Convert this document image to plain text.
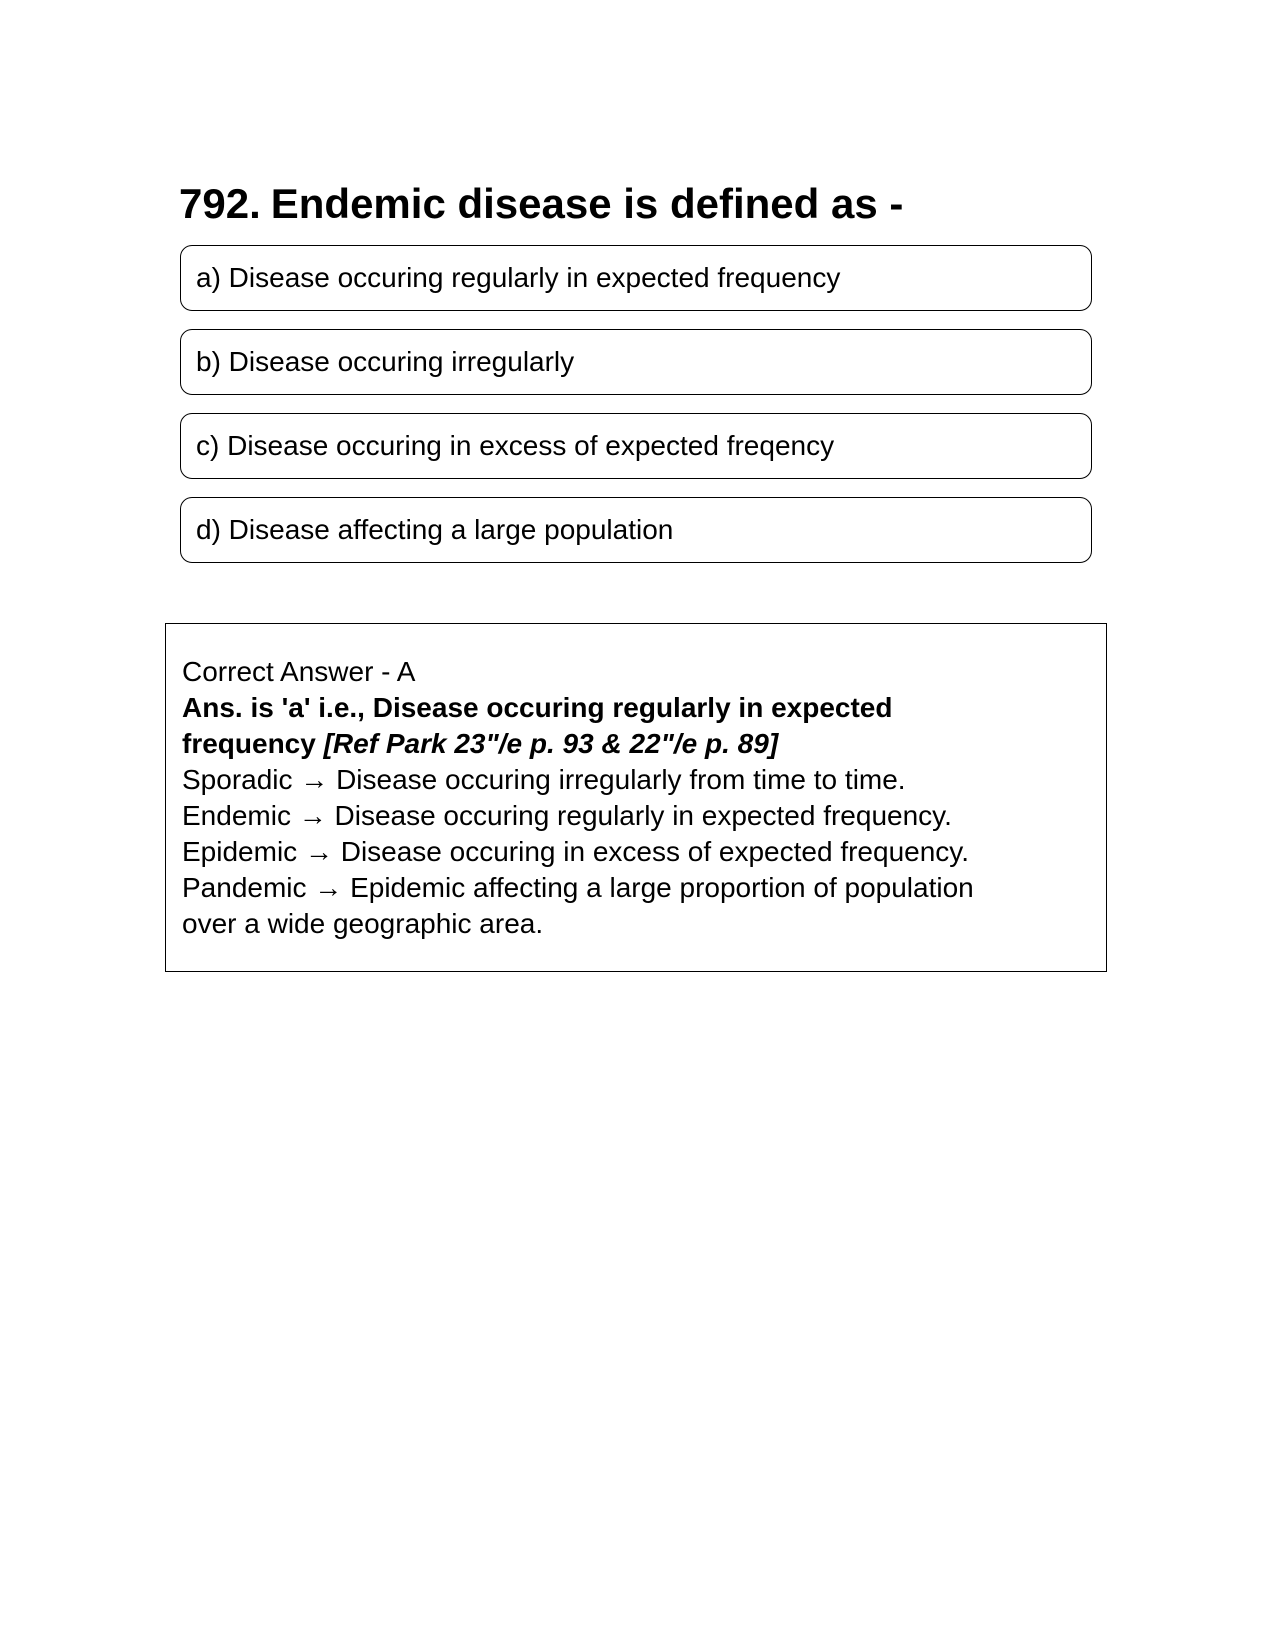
792. Endemic disease is defined as -
a) Disease occuring regularly in expected frequency
b) Disease occuring irregularly
c) Disease occuring in excess of expected freqency
d) Disease affecting a large population
Correct Answer - A
Ans. is 'a' i.e., Disease occuring regularly in expected
frequency [Ref Park 23"/e p. 93 & 22"/e p. 89]
Sporadic → Disease occuring irregularly from time to time.
Endemic → Disease occuring regularly in expected frequency.
Epidemic → Disease occuring in excess of expected frequency.
Pandemic → Epidemic affecting a large proportion of population
over a wide geographic area.
